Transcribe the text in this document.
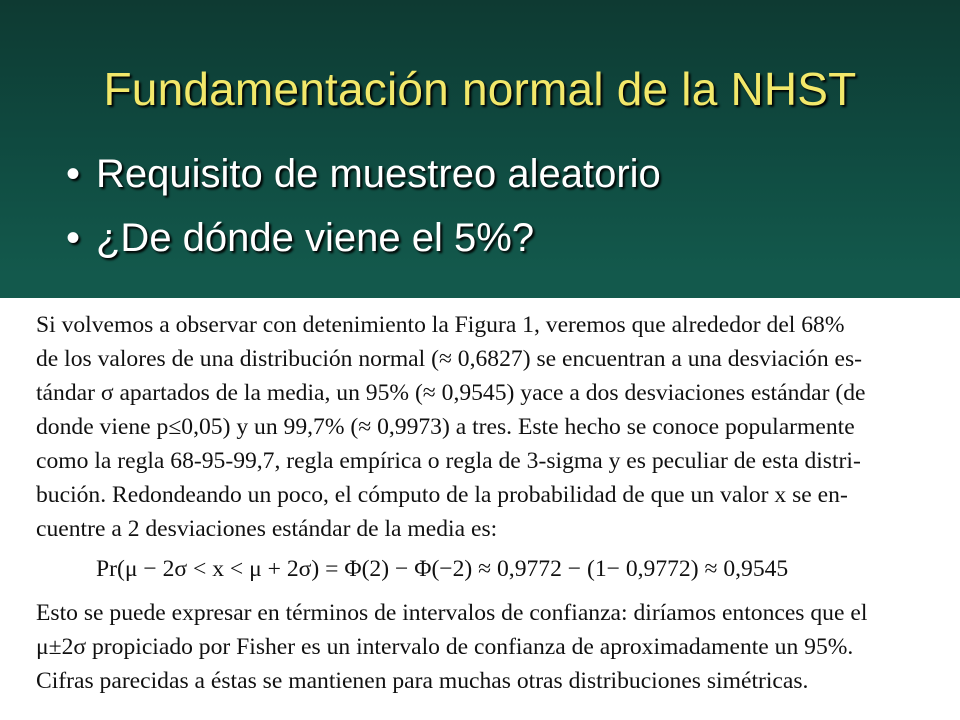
Fundamentación normal de la NHST
• Requisito de muestreo aleatorio
• ¿De dónde viene el 5%?
Si volvemos a observar con detenimiento la Figura 1, veremos que alrededor del 68%
de los valores de una distribución normal (≈ 0,6827) se encuentran a una desviación es-
tándar σ apartados de la media, un 95% (≈ 0,9545) yace a dos desviaciones estándar (de
donde viene p≤0,05) y un 99,7% (≈ 0,9973) a tres. Este hecho se conoce popularmente
como la regla 68-95-99,7, regla empírica o regla de 3-sigma y es peculiar de esta distri-
bución. Redondeando un poco, el cómputo de la probabilidad de que un valor x se en-
cuentre a 2 desviaciones estándar de la media es:
Pr(μ − 2σ < x < μ + 2σ) = Φ(2) − Φ(−2) ≈ 0,9772 − (1− 0,9772) ≈ 0,9545
Esto se puede expresar en términos de intervalos de confianza: diríamos entonces que el
μ±2σ propiciado por Fisher es un intervalo de confianza de aproximadamente un 95%.
Cifras parecidas a éstas se mantienen para muchas otras distribuciones simétricas.
